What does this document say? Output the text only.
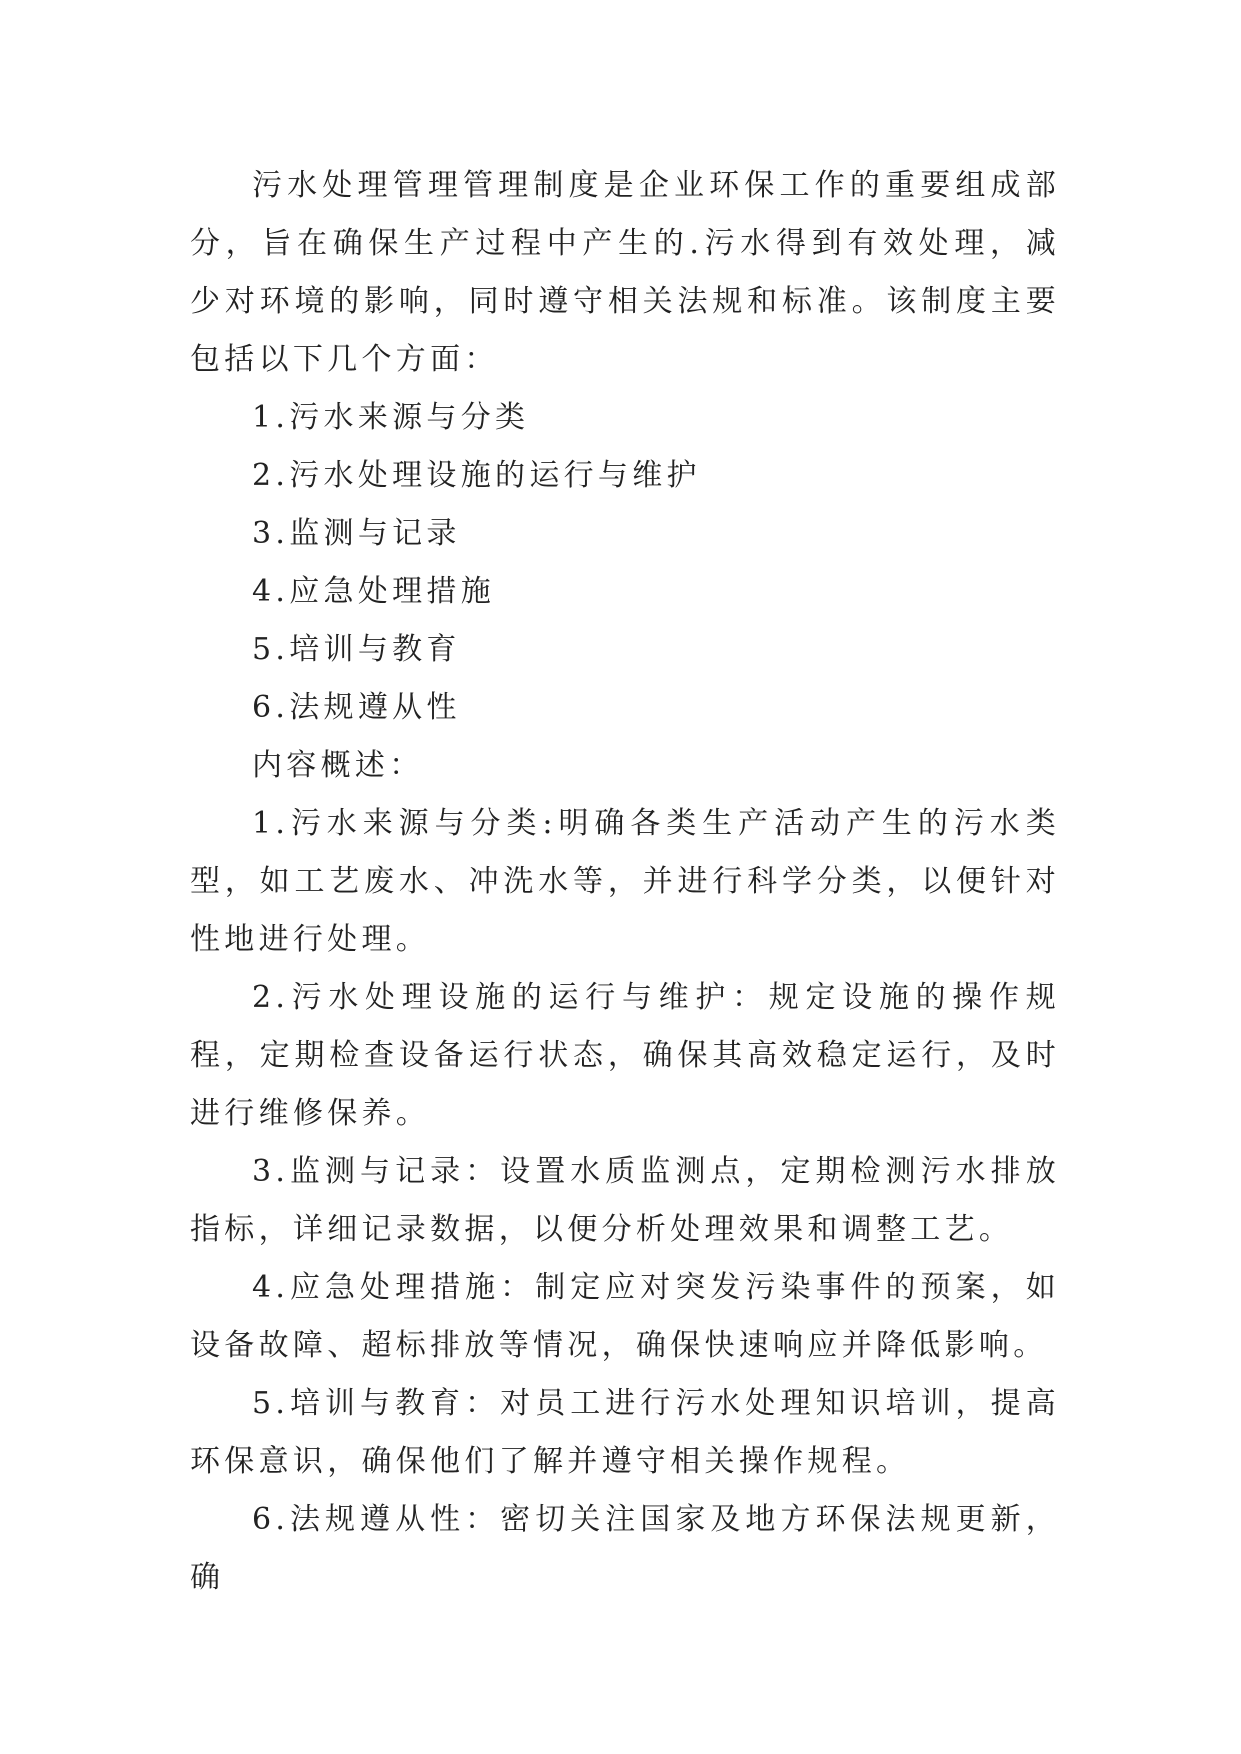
污水处理管理管理制度是企业环保工作的重要组成部分，旨在确保生产过程中产生的.污水得到有效处理，减少对环境的影响，同时遵守相关法规和标准。该制度主要包括以下几个方面：

1.污水来源与分类

2.污水处理设施的运行与维护

3.监测与记录

4.应急处理措施

5.培训与教育

6.法规遵从性

内容概述：

1.污水来源与分类:明确各类生产活动产生的污水类型，如工艺废水、冲洗水等，并进行科学分类，以便针对性地进行处理。

2.污水处理设施的运行与维护：规定设施的操作规程，定期检查设备运行状态，确保其高效稳定运行，及时进行维修保养。

3.监测与记录：设置水质监测点，定期检测污水排放指标，详细记录数据，以便分析处理效果和调整工艺。

4.应急处理措施：制定应对突发污染事件的预案，如设备故障、超标排放等情况，确保快速响应并降低影响。

5.培训与教育：对员工进行污水处理知识培训，提高环保意识，确保他们了解并遵守相关操作规程。

6.法规遵从性：密切关注国家及地方环保法规更新，确
